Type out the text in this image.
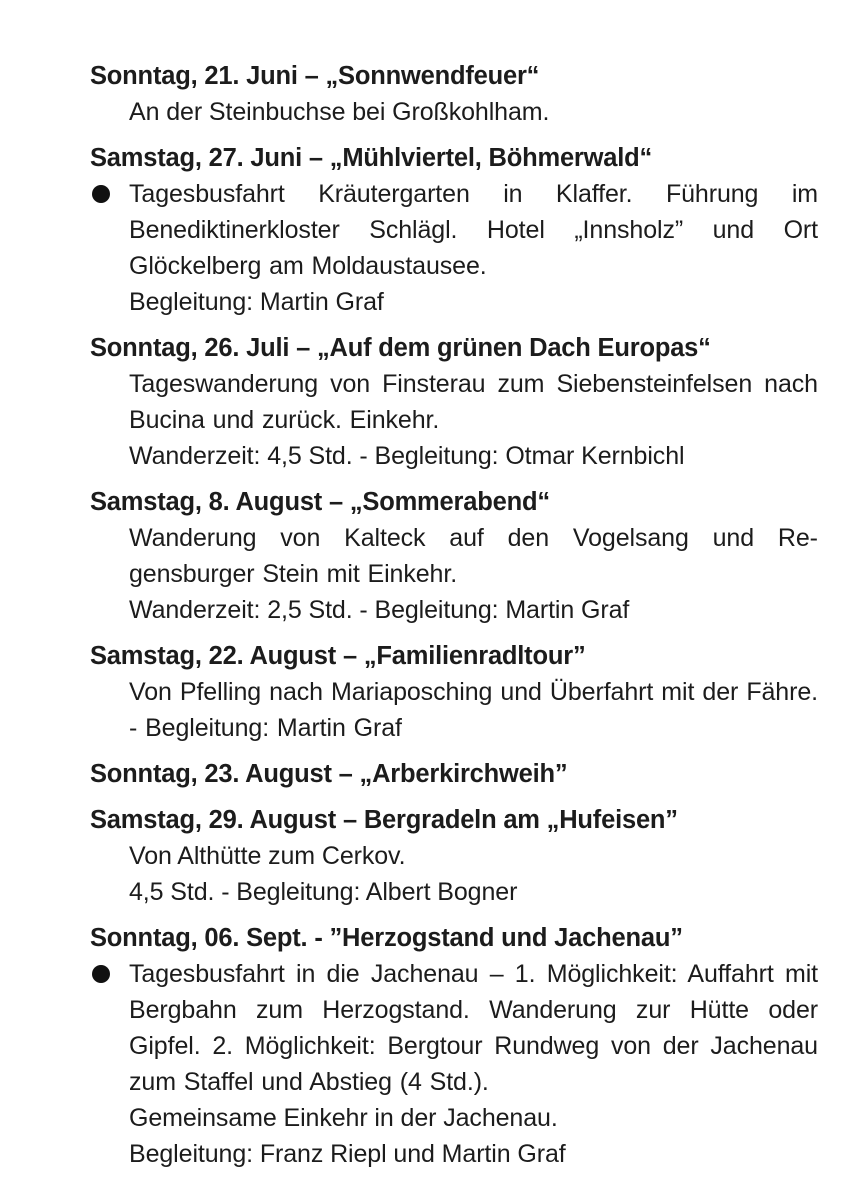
Sonntag, 21. Juni – „Sonnwendfeuer“
An der Steinbuchse bei Großkohlham.
Samstag, 27. Juni – „Mühlviertel, Böhmerwald“
Tagesbusfahrt Kräutergarten in Klaffer. Führung im Benediktinerkloster Schlägl. Hotel „Innsholz” und Ort Glöckelberg am Moldaustausee.
Begleitung: Martin Graf
Sonntag, 26. Juli – „Auf dem grünen Dach Europas“
Tageswanderung von Finsterau zum Siebensteinfelsen nach Bucina und zurück. Einkehr.
Wanderzeit: 4,5 Std. - Begleitung: Otmar Kernbichl
Samstag, 8. August – „Sommerabend“
Wanderung von Kalteck auf den Vogelsang und Regensburger Stein mit Einkehr.
Wanderzeit: 2,5 Std. - Begleitung: Martin Graf
Samstag, 22. August – „Familienradltour”
Von Pfelling nach Mariaposching und Überfahrt mit der Fähre. - Begleitung: Martin Graf
Sonntag, 23. August – „Arberkirchweih”
Samstag, 29. August – Bergradeln am „Hufeisen”
Von Althütte zum Cerkov.
4,5 Std. - Begleitung: Albert Bogner
Sonntag, 06. Sept. - ”Herzogstand und Jachenau”
Tagesbusfahrt in die Jachenau – 1. Möglichkeit: Auffahrt mit Bergbahn zum Herzogstand. Wanderung zur Hütte oder Gipfel. 2. Möglichkeit: Bergtour Rundweg von der Jachenau zum Staffel und Abstieg (4 Std.).
Gemeinsame Einkehr in der Jachenau.
Begleitung: Franz Riepl und Martin Graf
